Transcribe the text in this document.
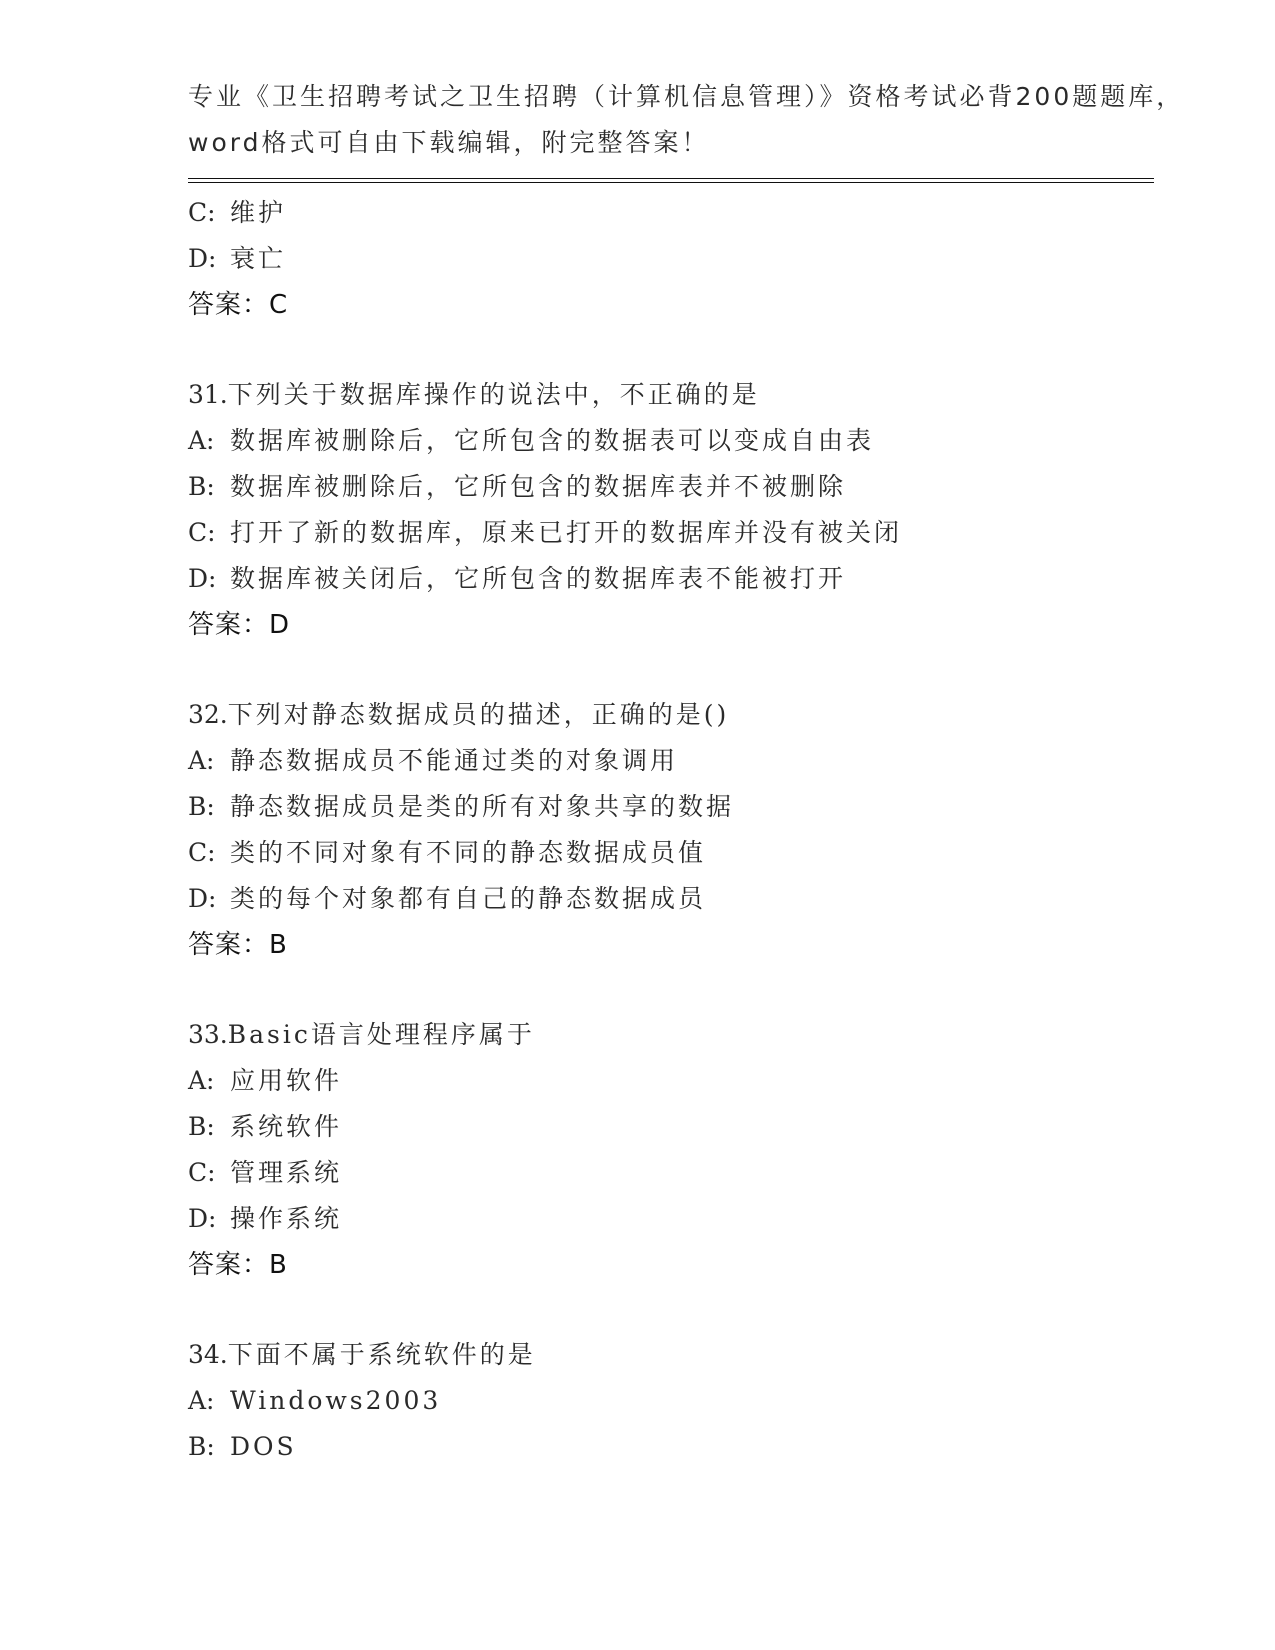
专业《卫生招聘考试之卫生招聘（计算机信息管理）》资格考试必背200题题库，
word格式可自由下载编辑，附完整答案！
C: 维护
D: 衰亡
答案：C
31.下列关于数据库操作的说法中，不正确的是
A: 数据库被删除后，它所包含的数据表可以变成自由表
B: 数据库被删除后，它所包含的数据库表并不被删除
C: 打开了新的数据库，原来已打开的数据库并没有被关闭
D: 数据库被关闭后，它所包含的数据库表不能被打开
答案：D
32.下列对静态数据成员的描述，正确的是()
A: 静态数据成员不能通过类的对象调用
B: 静态数据成员是类的所有对象共享的数据
C: 类的不同对象有不同的静态数据成员值
D: 类的每个对象都有自己的静态数据成员
答案：B
33.Basic语言处理程序属于
A: 应用软件
B: 系统软件
C: 管理系统
D: 操作系统
答案：B
34.下面不属于系统软件的是
A: Windows2003
B: DOS
